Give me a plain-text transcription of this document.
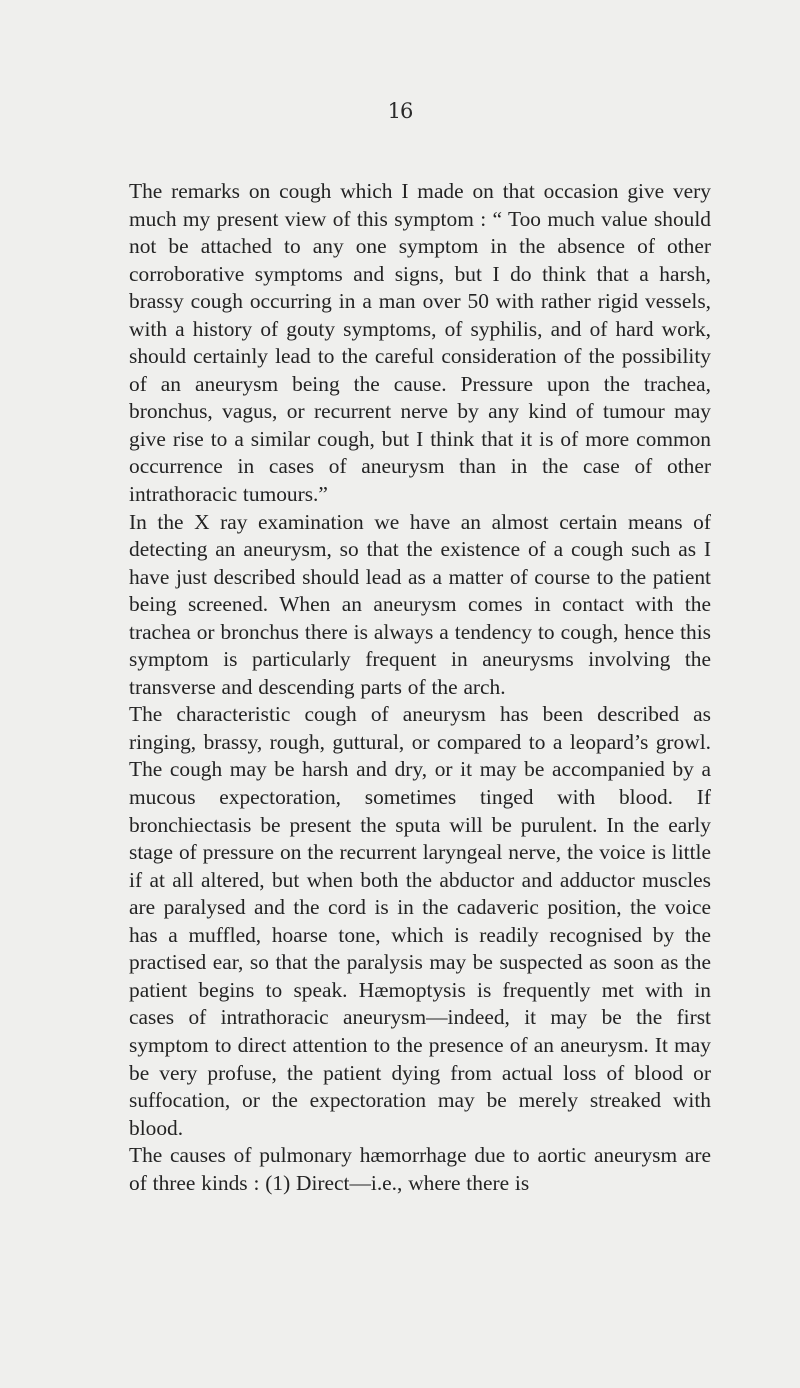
16

The remarks on cough which I made on that occasion give very much my present view of this symptom : “ Too much value should not be attached to any one symptom in the absence of other corroborative symptoms and signs, but I do think that a harsh, brassy cough occurring in a man over 50 with rather rigid vessels, with a history of gouty symptoms, of syphilis, and of hard work, should certainly lead to the careful consideration of the possibility of an aneurysm being the cause. Pressure upon the trachea, bronchus, vagus, or recurrent nerve by any kind of tumour may give rise to a similar cough, but I think that it is of more common occurrence in cases of aneurysm than in the case of other intrathoracic tumours.”

In the X ray examination we have an almost certain means of detecting an aneurysm, so that the existence of a cough such as I have just described should lead as a matter of course to the patient being screened. When an aneurysm comes in contact with the trachea or bronchus there is always a tendency to cough, hence this symptom is particularly frequent in aneurysms involving the transverse and descending parts of the arch.

The characteristic cough of aneurysm has been described as ringing, brassy, rough, guttural, or compared to a leopard’s growl. The cough may be harsh and dry, or it may be accompanied by a mucous expectoration, sometimes tinged with blood. If bronchiectasis be present the sputa will be purulent. In the early stage of pressure on the recurrent laryngeal nerve, the voice is little if at all altered, but when both the abductor and adductor muscles are paralysed and the cord is in the cadaveric position, the voice has a muffled, hoarse tone, which is readily recognised by the practised ear, so that the paralysis may be suspected as soon as the patient begins to speak. Hæmoptysis is frequently met with in cases of intrathoracic aneurysm—indeed, it may be the first symptom to direct attention to the presence of an aneurysm. It may be very profuse, the patient dying from actual loss of blood or suffocation, or the expectoration may be merely streaked with blood.

The causes of pulmonary hæmorrhage due to aortic aneurysm are of three kinds : (1) Direct—i.e., where there is
